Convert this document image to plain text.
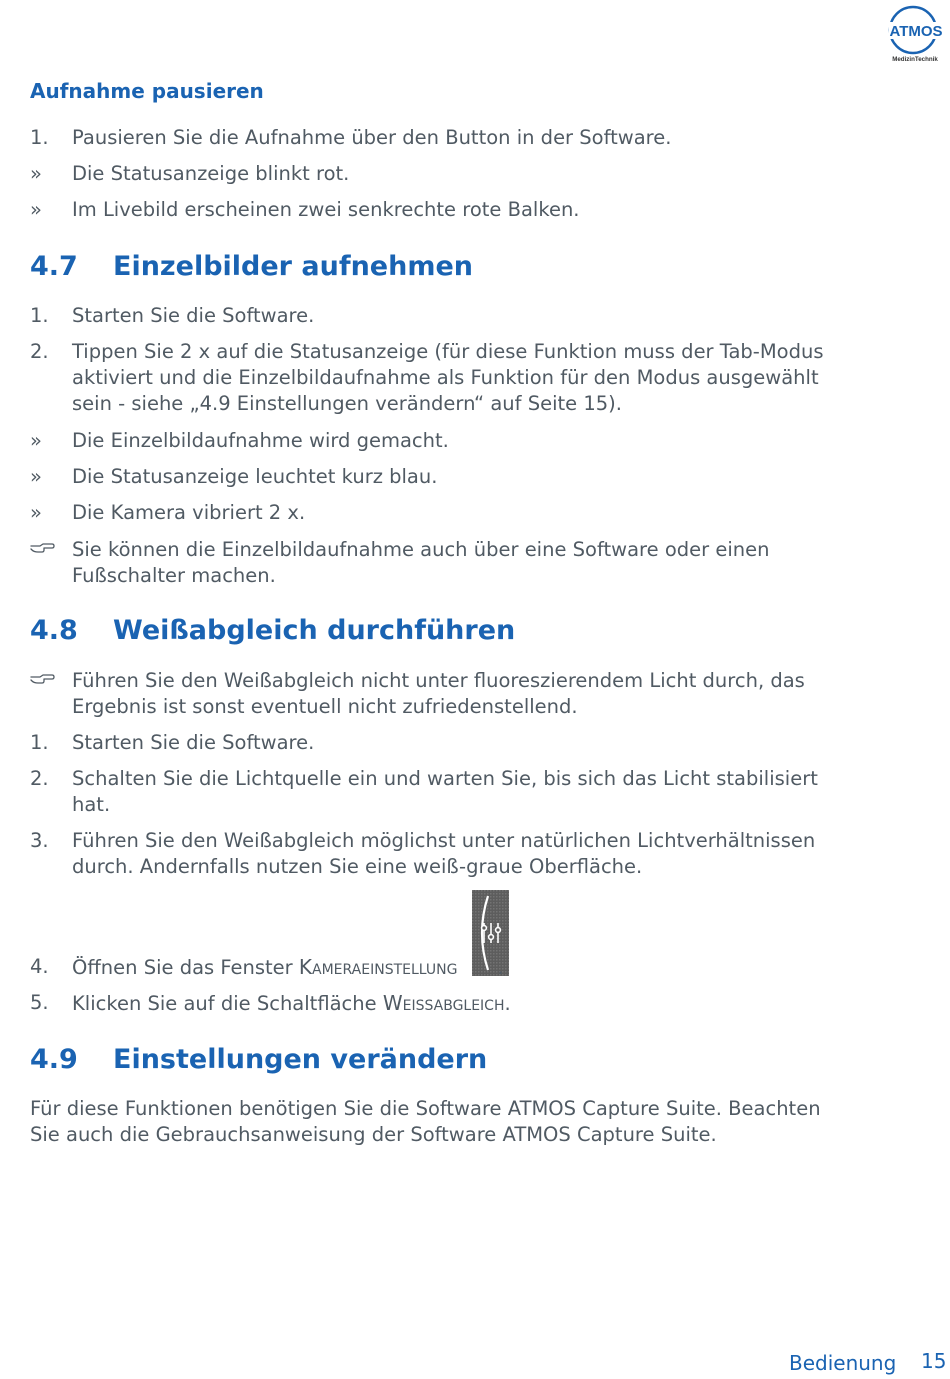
ATMOS
MedizinTechnik
Aufnahme pausieren
1.	Pausieren Sie die Aufnahme über den Button in der Software.
»	Die Statusanzeige blinkt rot.
»	Im Livebild erscheinen zwei senkrechte rote Balken.
4.7	Einzelbilder aufnehmen
1.	Starten Sie die Software.
2.	Tippen Sie 2 x auf die Statusanzeige (für diese Funktion muss der Tab-Modus aktiviert und die Einzelbildaufnahme als Funktion für den Modus ausgewählt sein - siehe „4.9 Einstellungen verändern“ auf Seite 15).
»	Die Einzelbildaufnahme wird gemacht.
»	Die Statusanzeige leuchtet kurz blau.
»	Die Kamera vibriert 2 x.
Sie können die Einzelbildaufnahme auch über eine Software oder einen Fußschalter machen.
4.8	Weißabgleich durchführen
Führen Sie den Weißabgleich nicht unter fluoreszierendem Licht durch, das Ergebnis ist sonst eventuell nicht zufriedenstellend.
1.	Starten Sie die Software.
2.	Schalten Sie die Lichtquelle ein und warten Sie, bis sich das Licht stabilisiert hat.
3.	Führen Sie den Weißabgleich möglichst unter natürlichen Lichtverhältnissen durch. Andernfalls nutzen Sie eine weiß-graue Oberfläche.
4.	Öffnen Sie das Fenster Kameraeinstellung .
5.	Klicken Sie auf die Schaltfläche Weissabgleich.
4.9	Einstellungen verändern
Für diese Funktionen benötigen Sie die Software ATMOS Capture Suite. Beachten Sie auch die Gebrauchsanweisung der Software ATMOS Capture Suite.
Bedienung 15
